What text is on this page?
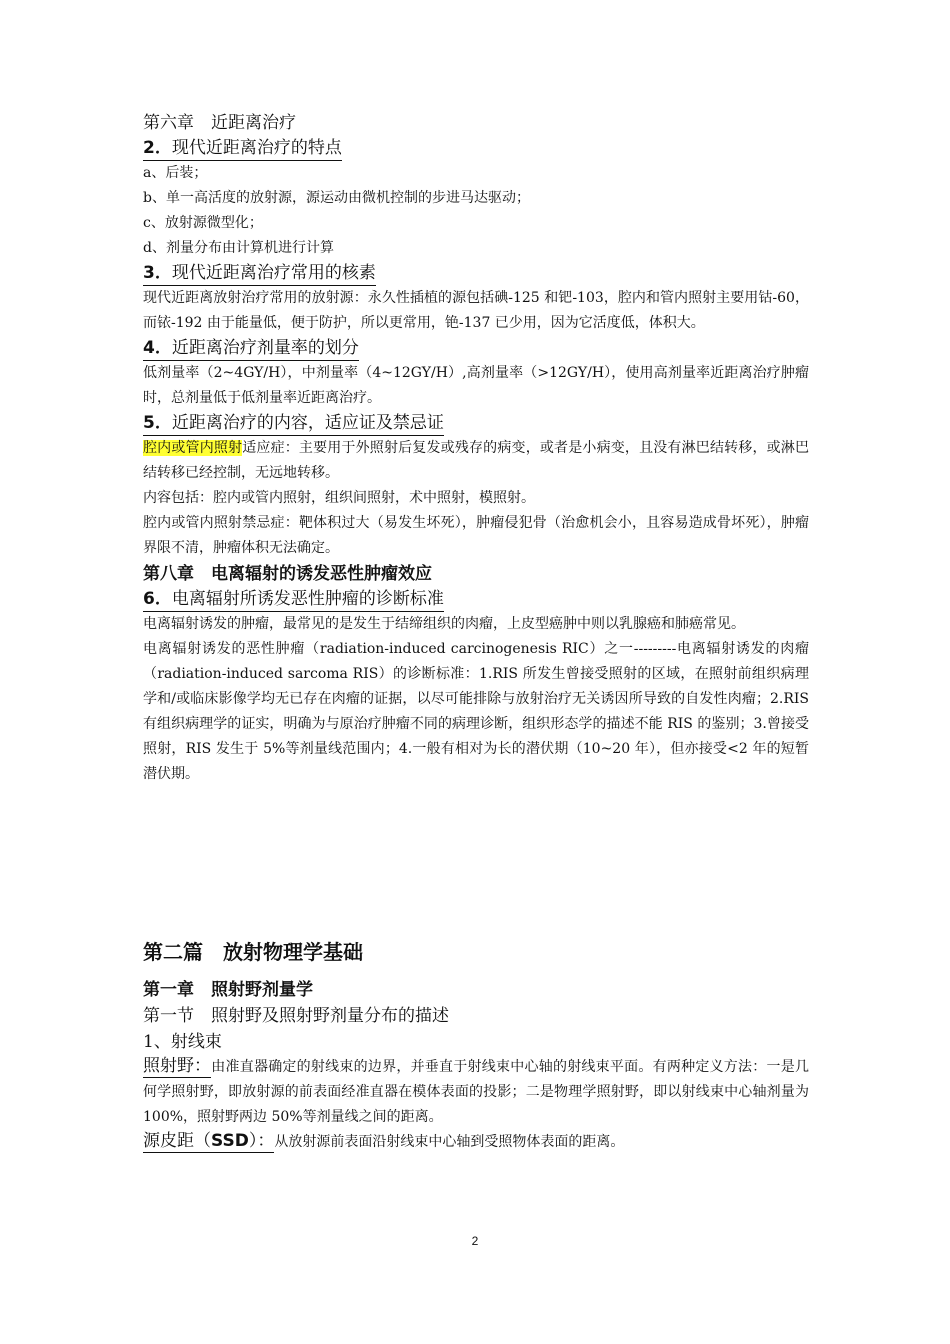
第六章　近距离治疗

2．现代近距离治疗的特点

a、后装；

b、单一高活度的放射源，源运动由微机控制的步进马达驱动；

c、放射源微型化；

d、剂量分布由计算机进行计算

3．现代近距离治疗常用的核素

现代近距离放射治疗常用的放射源：永久性插植的源包括碘-125 和钯-103，腔内和管内照射主要用钴-60，而铱-192 由于能量低，便于防护，所以更常用，铯-137 已少用，因为它活度低，体积大。

4．近距离治疗剂量率的划分

低剂量率（2~4GY/H），中剂量率（4~12GY/H）,高剂量率（>12GY/H），使用高剂量率近距离治疗肿瘤时，总剂量低于低剂量率近距离治疗。

5．近距离治疗的内容，适应证及禁忌证

腔内或管内照射适应症：主要用于外照射后复发或残存的病变，或者是小病变，且没有淋巴结转移，或淋巴结转移已经控制，无远地转移。

内容包括：腔内或管内照射，组织间照射，术中照射，模照射。

腔内或管内照射禁忌症：靶体积过大（易发生坏死），肿瘤侵犯骨（治愈机会小，且容易造成骨坏死），肿瘤界限不清，肿瘤体积无法确定。

第八章　电离辐射的诱发恶性肿瘤效应

6．电离辐射所诱发恶性肿瘤的诊断标准

电离辐射诱发的肿瘤，最常见的是发生于结缔组织的肉瘤，上皮型癌肿中则以乳腺癌和肺癌常见。

电离辐射诱发的恶性肿瘤（radiation-induced carcinogenesis RIC）之一---------电离辐射诱发的肉瘤（radiation-induced sarcoma RIS）的诊断标准：1.RIS 所发生曾接受照射的区域，在照射前组织病理学和/或临床影像学均无已存在肉瘤的证据，以尽可能排除与放射治疗无关诱因所导致的自发性肉瘤；2.RIS 有组织病理学的证实，明确为与原治疗肿瘤不同的病理诊断，组织形态学的描述不能 RIS 的鉴别；3.曾接受照射，RIS 发生于 5%等剂量线范围内；4.一般有相对为长的潜伏期（10~20 年），但亦接受<2 年的短暂潜伏期。

第二篇　放射物理学基础

第一章　照射野剂量学

第一节　照射野及照射野剂量分布的描述

1、射线束

照射野：由准直器确定的射线束的边界，并垂直于射线束中心轴的射线束平面。有两种定义方法：一是几何学照射野，即放射源的前表面经准直器在模体表面的投影；二是物理学照射野，即以射线束中心轴剂量为 100%，照射野两边 50%等剂量线之间的距离。

源皮距（SSD）：从放射源前表面沿射线束中心轴到受照物体表面的距离。

2
